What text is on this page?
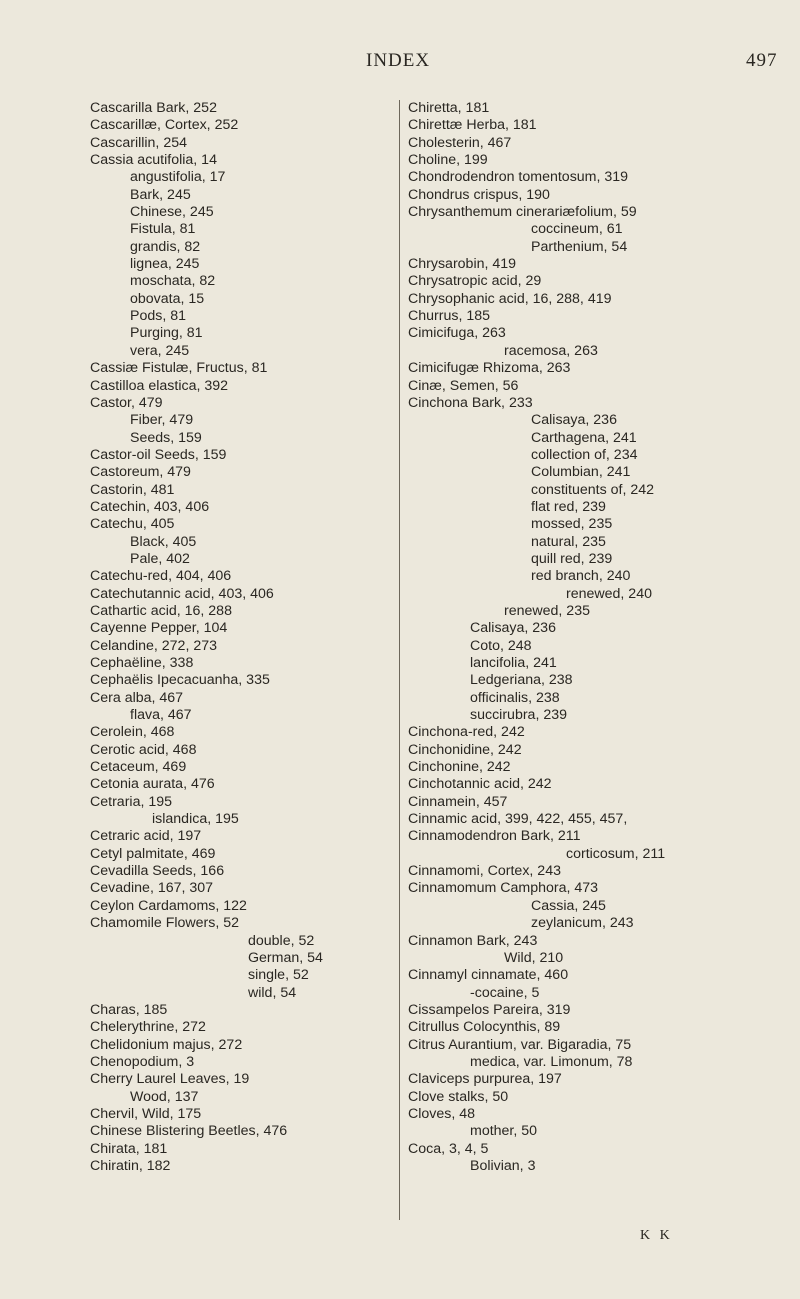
INDEX	497
Cascarilla Bark, 252
Cascarillæ, Cortex, 252
Cascarillin, 254
Cassia acutifolia, 14
angustifolia, 17
Bark, 245
Chinese, 245
Fistula, 81
grandis, 82
lignea, 245
moschata, 82
obovata, 15
Pods, 81
Purging, 81
vera, 245
Cassiæ Fistulæ, Fructus, 81
Castilloa elastica, 392
Castor, 479
Fiber, 479
Seeds, 159
Castor-oil Seeds, 159
Castoreum, 479
Castorin, 481
Catechin, 403, 406
Catechu, 405
Black, 405
Pale, 402
Catechu-red, 404, 406
Catechutannic acid, 403, 406
Cathartic acid, 16, 288
Cayenne Pepper, 104
Celandine, 272, 273
Cephaëline, 338
Cephaëlis Ipecacuanha, 335
Cera alba, 467
flava, 467
Cerolein, 468
Cerotic acid, 468
Cetaceum, 469
Cetonia aurata, 476
Cetraria, 195
islandica, 195
Cetraric acid, 197
Cetyl palmitate, 469
Cevadilla Seeds, 166
Cevadine, 167, 307
Ceylon Cardamoms, 122
Chamomile Flowers, 52
double, 52
German, 54
single, 52
wild, 54
Charas, 185
Chelerythrine, 272
Chelidonium majus, 272
Chenopodium, 3
Cherry Laurel Leaves, 19
Wood, 137
Chervil, Wild, 175
Chinese Blistering Beetles, 476
Chirata, 181
Chiratin, 182
Chiretta, 181
Chirettæ Herba, 181
Cholesterin, 467
Choline, 199
Chondrodendron tomentosum, 319
Chondrus crispus, 190
Chrysanthemum cinerariæfolium, 59
coccineum, 61
Parthenium, 54
Chrysarobin, 419
Chrysatropic acid, 29
Chrysophanic acid, 16, 288, 419
Churrus, 185
Cimicifuga, 263
racemosa, 263
Cimicifugæ Rhizoma, 263
Cinæ, Semen, 56
Cinchona Bark, 233
Calisaya, 236
Carthagena, 241
collection of, 234
Columbian, 241
constituents of, 242
flat red, 239
mossed, 235
natural, 235
quill red, 239
red branch, 240
renewed, 240
renewed, 235
Calisaya, 236
Coto, 248
lancifolia, 241
Ledgeriana, 238
officinalis, 238
succirubra, 239
Cinchona-red, 242
Cinchonidine, 242
Cinchonine, 242
Cinchotannic acid, 242
Cinnamein, 457
Cinnamic acid, 399, 422, 455, 457,
Cinnamodendron Bark, 211
corticosum, 211
Cinnamomi, Cortex, 243
Cinnamomum Camphora, 473
Cassia, 245
zeylanicum, 243
Cinnamon Bark, 243
Wild, 210
Cinnamyl cinnamate, 460
-cocaine, 5
Cissampelos Pareira, 319
Citrullus Colocynthis, 89
Citrus Aurantium, var. Bigaradia, 75
medica, var. Limonum, 78
Claviceps purpurea, 197
Clove stalks, 50
Cloves, 48
mother, 50
Coca, 3, 4, 5
Bolivian, 3
K K
